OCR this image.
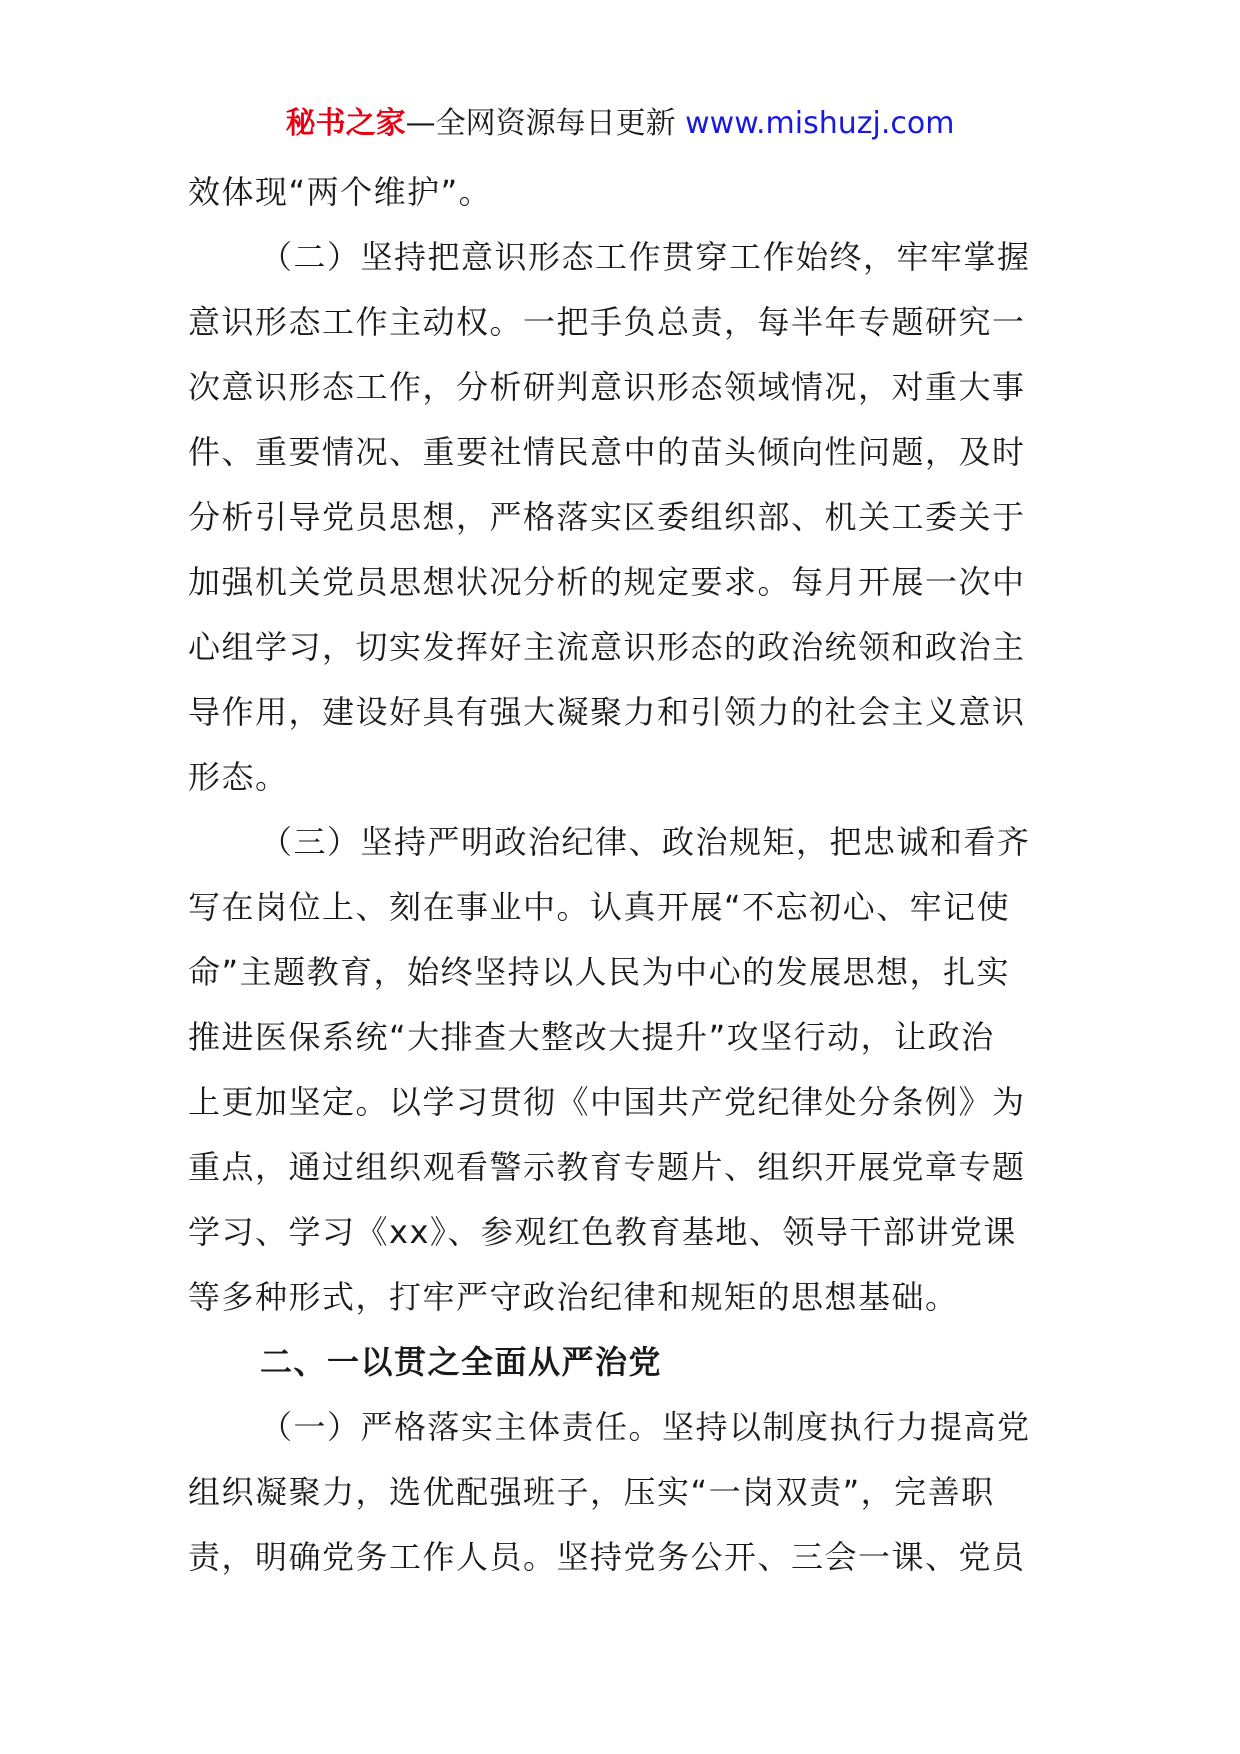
秘书之家—全网资源每日更新 www.mishuzj.com
效体现“两个维护”。
（二）坚持把意识形态工作贯穿工作始终，牢牢掌握
意识形态工作主动权。一把手负总责，每半年专题研究一
次意识形态工作，分析研判意识形态领域情况，对重大事
件、重要情况、重要社情民意中的苗头倾向性问题，及时
分析引导党员思想，严格落实区委组织部、机关工委关于
加强机关党员思想状况分析的规定要求。每月开展一次中
心组学习，切实发挥好主流意识形态的政治统领和政治主
导作用，建设好具有强大凝聚力和引领力的社会主义意识
形态。
（三）坚持严明政治纪律、政治规矩，把忠诚和看齐
写在岗位上、刻在事业中。认真开展“不忘初心、牢记使
命”主题教育，始终坚持以人民为中心的发展思想，扎实
推进医保系统“大排查大整改大提升”攻坚行动，让政治
上更加坚定。以学习贯彻《中国共产党纪律处分条例》为
重点，通过组织观看警示教育专题片、组织开展党章专题
学习、学习《xx》、参观红色教育基地、领导干部讲党课
等多种形式，打牢严守政治纪律和规矩的思想基础。
二、一以贯之全面从严治党
（一）严格落实主体责任。坚持以制度执行力提高党
组织凝聚力，选优配强班子，压实“一岗双责”，完善职
责，明确党务工作人员。坚持党务公开、三会一课、党员
